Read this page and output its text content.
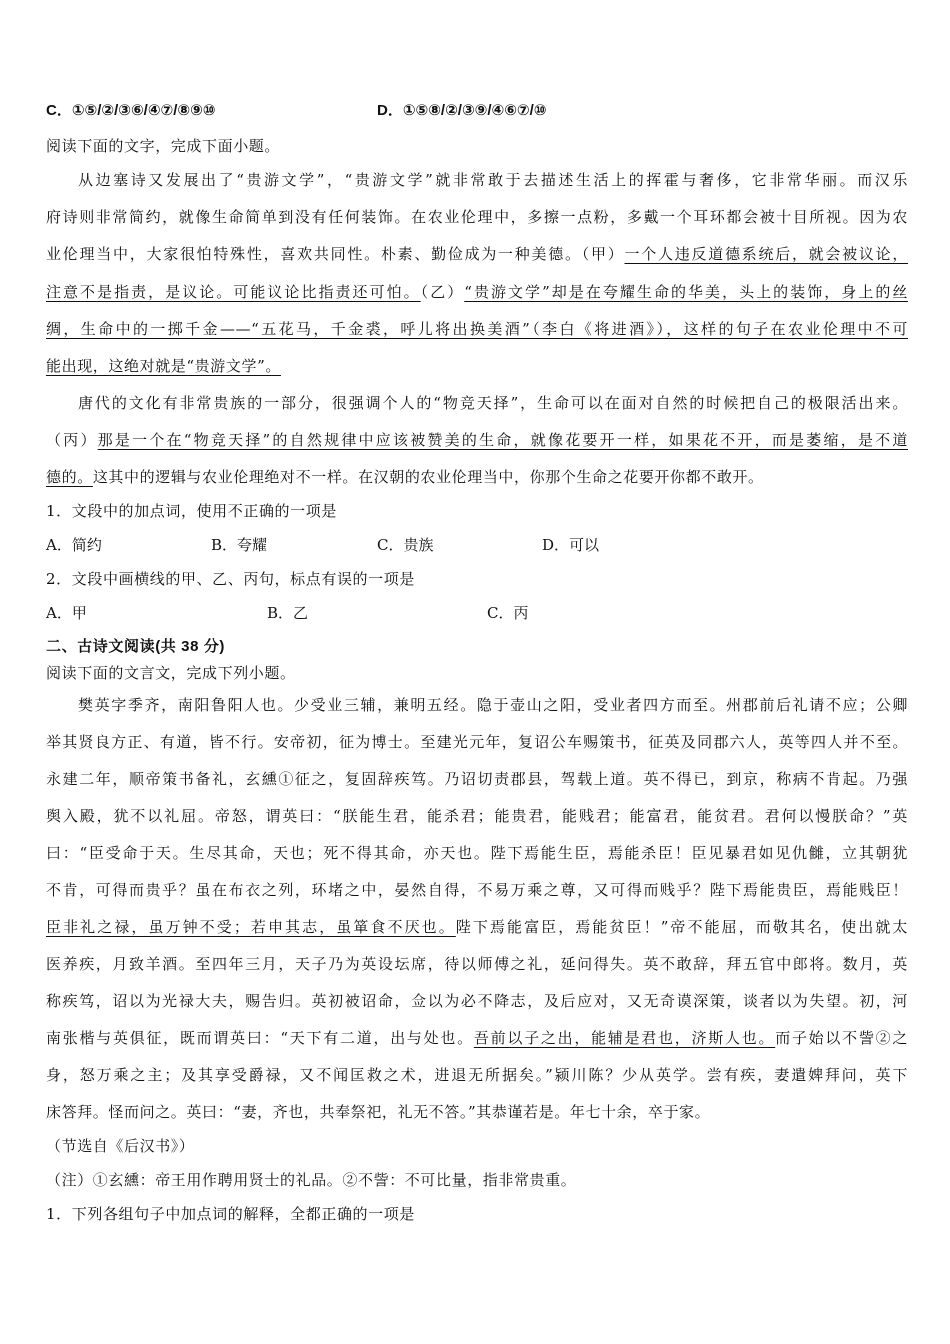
C．①⑤/②/③⑥/④⑦/⑧⑨⑩	D．①⑤⑧/②/③⑨/④⑥⑦/⑩
阅读下面的文字，完成下面小题。
从边塞诗又发展出了“贵游文学”，“贵游文学”就非常敢于去描述生活上的挥霍与奢侈，它非常华丽。而汉乐
府诗则非常简约，就像生命简单到没有任何装饰。在农业伦理中，多擦一点粉，多戴一个耳环都会被十目所视。因为农
业伦理当中，大家很怕特殊性，喜欢共同性。朴素、勤俭成为一种美德。（甲）一个人违反道德系统后，就会被议论，
注意不是指责，是议论。可能议论比指责还可怕。（乙）“贵游文学”却是在夸耀生命的华美，头上的装饰，身上的丝
绸，生命中的一掷千金——“五花马，千金裘，呼儿将出换美酒”（李白《将进酒》），这样的句子在农业伦理中不可
能出现，这绝对就是“贵游文学”。
唐代的文化有非常贵族的一部分，很强调个人的“物竞天择”，生命可以在面对自然的时候把自己的极限活出来。
（丙）那是一个在“物竞天择”的自然规律中应该被赞美的生命，就像花要开一样，如果花不开，而是萎缩，是不道
德的。这其中的逻辑与农业伦理绝对不一样。在汉朝的农业伦理当中，你那个生命之花要开你都不敢开。
1．文段中的加点词，使用不正确的一项是
A．简约	B．夸耀	C．贵族	D．可以
2．文段中画横线的甲、乙、丙句，标点有误的一项是
A．甲	B．乙	C．丙
二、古诗文阅读(共 38 分)
阅读下面的文言文，完成下列小题。
樊英字季齐，南阳鲁阳人也。少受业三辅，兼明五经。隐于壶山之阳，受业者四方而至。州郡前后礼请不应；公卿
举其贤良方正、有道，皆不行。安帝初，征为博士。至建光元年，复诏公车赐策书，征英及同郡六人，英等四人并不至。
永建二年，顺帝策书备礼，玄纁①征之，复固辞疾笃。乃诏切责郡县，驾载上道。英不得已，到京，称病不肯起。乃强
舆入殿，犹不以礼屈。帝怒，谓英曰：“朕能生君，能杀君；能贵君，能贱君；能富君，能贫君。君何以慢朕命？”英
曰：“臣受命于天。生尽其命，天也；死不得其命，亦天也。陛下焉能生臣，焉能杀臣！臣见暴君如见仇雠，立其朝犹
不肯，可得而贵乎？虽在布衣之列，环堵之中，晏然自得，不易万乘之尊，又可得而贱乎？陛下焉能贵臣，焉能贱臣！
臣非礼之禄，虽万钟不受；若申其志，虽箪食不厌也。陛下焉能富臣，焉能贫臣！”帝不能屈，而敬其名，使出就太
医养疾，月致羊酒。至四年三月，天子乃为英设坛席，待以师傅之礼，延问得失。英不敢辞，拜五官中郎将。数月，英
称疾笃，诏以为光禄大夫，赐告归。英初被诏命，佥以为必不降志，及后应对，又无奇谟深策，谈者以为失望。初，河
南张楷与英俱征，既而谓英曰：“天下有二道，出与处也。吾前以子之出，能辅是君也，济斯人也。而子始以不訾②之
身，怒万乘之主；及其享受爵禄，又不闻匡救之术，进退无所据矣。”颍川陈？少从英学。尝有疾，妻遣婢拜问，英下
床答拜。怪而问之。英曰：“妻，齐也，共奉祭祀，礼无不答。”其恭谨若是。年七十余，卒于家。
（节选自《后汉书》）
（注）①玄纁：帝王用作聘用贤士的礼品。②不訾：不可比量，指非常贵重。
1．下列各组句子中加点词的解释，全都正确的一项是
